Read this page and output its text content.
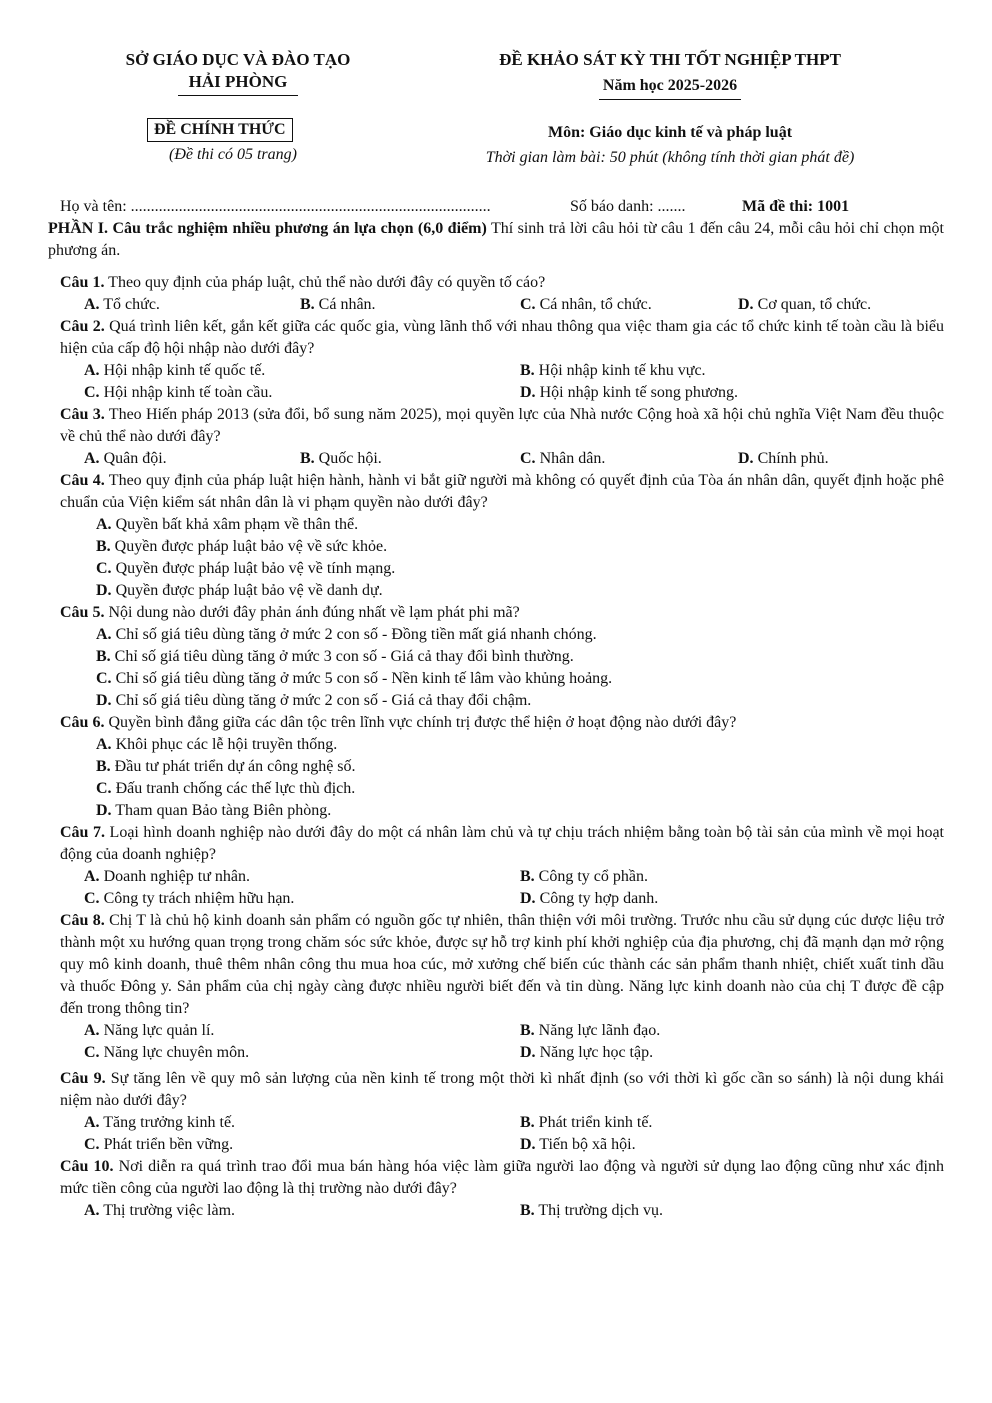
SỞ GIÁO DỤC VÀ ĐÀO TẠO
HẢI PHÒNG
ĐỀ KHẢO SÁT KỲ THI TỐT NGHIỆP THPT
Năm học 2025-2026
ĐỀ CHÍNH THỨC
(Đề thi có 05 trang)
Môn: Giáo dục kinh tế và pháp luật
Thời gian làm bài: 50 phút (không tính thời gian phát đề)
Họ và tên: ..........................................................................................	Số báo danh: .......	Mã đề thi: 1001

PHẦN I. Câu trắc nghiệm nhiều phương án lựa chọn (6,0 điểm) Thí sinh trả lời câu hỏi từ câu 1 đến câu 24, mỗi câu hỏi chỉ chọn một phương án.

Câu 1. Theo quy định của pháp luật, chủ thể nào dưới đây có quyền tố cáo?

A. Tổ chức.	B. Cá nhân.	C. Cá nhân, tổ chức.	D. Cơ quan, tổ chức.

Câu 2. Quá trình liên kết, gắn kết giữa các quốc gia, vùng lãnh thổ với nhau thông qua việc tham gia các tổ chức kinh tế toàn cầu là biểu hiện của cấp độ hội nhập nào dưới đây?

A. Hội nhập kinh tế quốc tế.	B. Hội nhập kinh tế khu vực.
C. Hội nhập kinh tế toàn cầu.	D. Hội nhập kinh tế song phương.

Câu 3. Theo Hiến pháp 2013 (sửa đổi, bổ sung năm 2025), mọi quyền lực của Nhà nước Cộng hoà xã hội chủ nghĩa Việt Nam đều thuộc về chủ thể nào dưới đây?

A. Quân đội.	B. Quốc hội.	C. Nhân dân.	D. Chính phủ.

Câu 4. Theo quy định của pháp luật hiện hành, hành vi bắt giữ người mà không có quyết định của Tòa án nhân dân, quyết định hoặc phê chuẩn của Viện kiểm sát nhân dân là vi phạm quyền nào dưới đây?

A. Quyền bất khả xâm phạm về thân thể.
B. Quyền được pháp luật bảo vệ về sức khỏe.
C. Quyền được pháp luật bảo vệ về tính mạng.
D. Quyền được pháp luật bảo vệ về danh dự.

Câu 5. Nội dung nào dưới đây phản ánh đúng nhất về lạm phát phi mã?

A. Chỉ số giá tiêu dùng tăng ở mức 2 con số - Đồng tiền mất giá nhanh chóng.
B. Chỉ số giá tiêu dùng tăng ở mức 3 con số - Giá cả thay đổi bình thường.
C. Chỉ số giá tiêu dùng tăng ở mức 5 con số - Nền kinh tế lâm vào khủng hoảng.
D. Chỉ số giá tiêu dùng tăng ở mức 2 con số - Giá cả thay đổi chậm.

Câu 6. Quyền bình đẳng giữa các dân tộc trên lĩnh vực chính trị được thể hiện ở hoạt động nào dưới đây?

A. Khôi phục các lễ hội truyền thống.
B. Đầu tư phát triển dự án công nghệ số.
C. Đấu tranh chống các thế lực thù địch.
D. Tham quan Bảo tàng Biên phòng.

Câu 7. Loại hình doanh nghiệp nào dưới đây do một cá nhân làm chủ và tự chịu trách nhiệm bằng toàn bộ tài sản của mình về mọi hoạt động của doanh nghiệp?

A. Doanh nghiệp tư nhân.	B. Công ty cổ phần.
C. Công ty trách nhiệm hữu hạn.	D. Công ty hợp danh.

Câu 8. Chị T là chủ hộ kinh doanh sản phẩm có nguồn gốc tự nhiên, thân thiện với môi trường. Trước nhu cầu sử dụng cúc dược liệu trở thành một xu hướng quan trọng trong chăm sóc sức khỏe, được sự hỗ trợ kinh phí khởi nghiệp của địa phương, chị đã mạnh dạn mở rộng quy mô kinh doanh, thuê thêm nhân công thu mua hoa cúc, mở xưởng chế biến cúc thành các sản phẩm thanh nhiệt, chiết xuất tinh dầu và thuốc Đông y. Sản phẩm của chị ngày càng được nhiều người biết đến và tin dùng. Năng lực kinh doanh nào của chị T được đề cập đến trong thông tin?

A. Năng lực quản lí.	B. Năng lực lãnh đạo.
C. Năng lực chuyên môn.	D. Năng lực học tập.

Câu 9. Sự tăng lên về quy mô sản lượng của nền kinh tế trong một thời kì nhất định (so với thời kì gốc cần so sánh) là nội dung khái niệm nào dưới đây?

A. Tăng trưởng kinh tế.	B. Phát triển kinh tế.
C. Phát triển bền vững.	D. Tiến bộ xã hội.

Câu 10. Nơi diễn ra quá trình trao đổi mua bán hàng hóa việc làm giữa người lao động và người sử dụng lao động cũng như xác định mức tiền công của người lao động là thị trường nào dưới đây?

A. Thị trường việc làm.	B. Thị trường dịch vụ.
